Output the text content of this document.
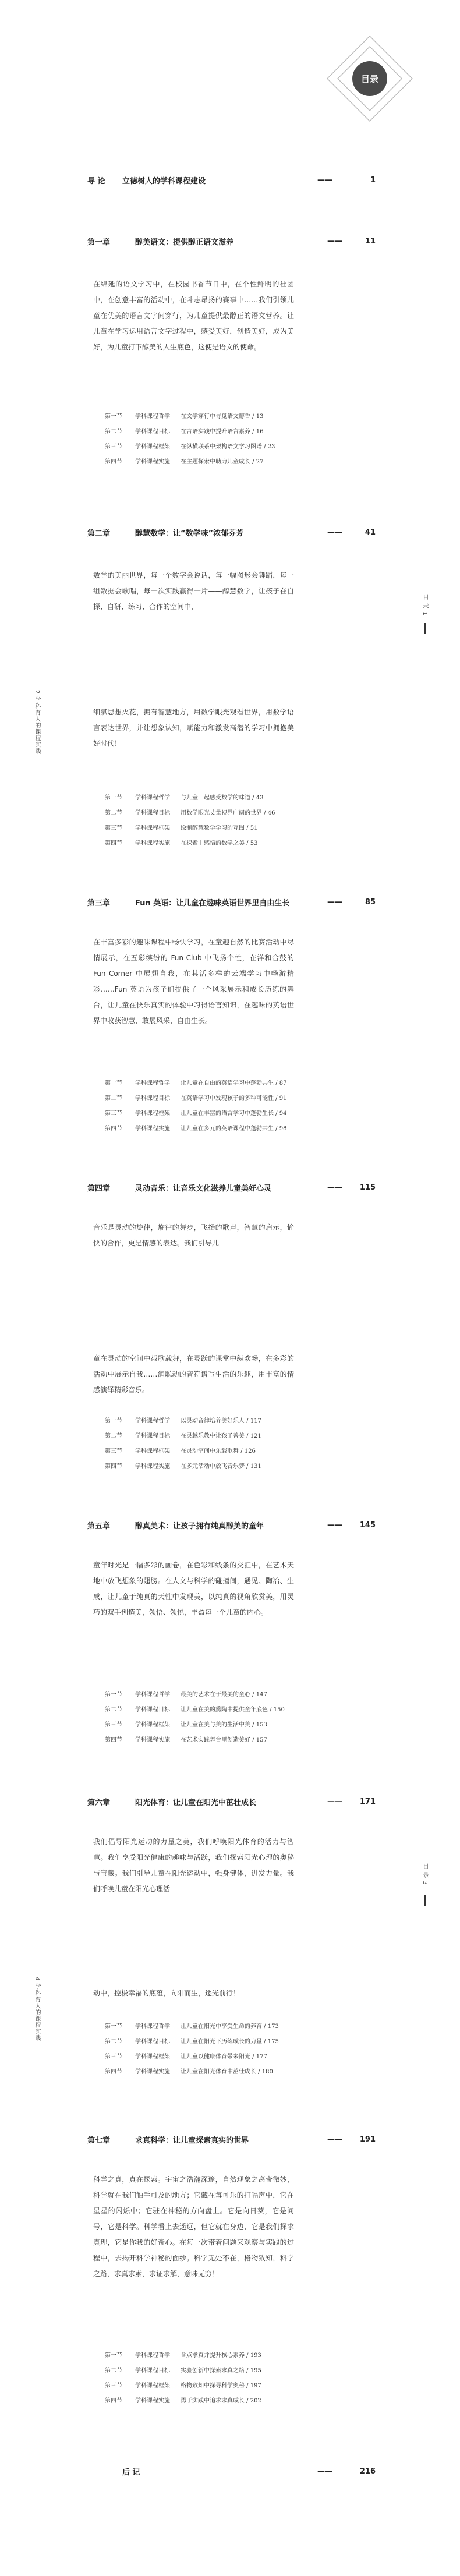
目录
导 论	立德树人的学科课程建设	——	1
第一章	醇美语文：提供醇正语文滋养	——	11
在绵延的语文学习中，在校园书香节日中，在个性鲜明的社团中，在创意丰富的活动中，在斗志昂扬的赛事中……我们引领儿童在优美的语言文字间穿行，为儿童提供最醇正的语文营养。让儿童在学习运用语言文字过程中，感受美好，创造美好，成为美好，为儿童打下醇美的人生底色，这便是语文的使命。
第一节	学科课程哲学	在文学穿行中寻觅语文醇香 / 13
第二节	学科课程目标	在言语实践中提升语言素养 / 16
第三节	学科课程框架	在纵横联系中架构语文学习图谱 / 23
第四节	学科课程实施	在主题探索中助力儿童成长 / 27
第二章	醇慧数学：让“数学味”浓郁芬芳	——	41
数学的美丽世界，每一个数字会说话，每一幅图形会舞蹈，每一组数据会歌唱，每一次实践赢得一片——醇慧数学，让孩子在自探、自研、练习、合作的空间中，	目 录 1
2 学科育人的课程实践	细腻思想火花，拥有智慧地方，用数学眼光观看世界，用数学语言表达世界，并让想象认知，赋能力和激发高潜的学习中拥抱美好时代！
第一节	学科课程哲学	与儿童一起感受数学的味道 / 43
第二节	学科课程目标	用数学眼光丈量视界广阔的世界 / 46
第三节	学科课程框架	绘制醇慧数学学习的互图 / 51
第四节	学科课程实施	在探索中感悟的数学之美 / 53
第三章	Fun 英语：让儿童在趣味英语世界里自由生长	——	85
在丰富多彩的趣味课程中畅快学习，在童趣自然的比赛活动中尽情展示，在五彩缤纷的 Fun Club 中飞扬个性，在洋和合鼓的 Fun Corner 中展翅自我，在其活多样的云端学习中畅游精彩……Fun 英语为孩子们提供了一个风采展示和成长历练的舞台，让儿童在快乐真实的体验中习得语言知识，在趣味的英语世界中收获智慧，敢展风采，自由生长。
第一节	学科课程哲学	让儿童在自由的英语学习中蓬勃共生 / 87
第二节	学科课程目标	在英语学习中发现孩子的多种可能性 / 91
第三节	学科课程框架	让儿童在丰富的语言学习中蓬勃生长 / 94
第四节	学科课程实施	让儿童在多元的英语课程中蓬勃共生 / 98
第四章	灵动音乐：让音乐文化滋养儿童美好心灵	——	115
音乐是灵动的旋律，旋律的舞步，飞扬的歌声，智慧的启示，愉快的合作，更是情感的表达。我们引导儿
童在灵动的空间中载歌载舞，在灵跃的课堂中纵欢畅，在多彩的活动中展示自我……润聪动的音符谱写生活的乐趣，用丰富的情感演绎精彩音乐。
第一节	学科课程哲学	以灵动音律培养美好乐人 / 117
第二节	学科课程目标	在灵越乐教中让孩子善美 / 121
第三节	学科课程框架	在灵动空间中乐载歌舞 / 126
第四节	学科课程实施	在多元活动中放飞音乐梦 / 131
第五章	醇真美术：让孩子拥有纯真醇美的童年	——	145
童年时光是一幅多彩的画卷，在色彩和线条的交汇中，在艺术天地中放飞想象的翅膀。在人文与科学的碰撞间，遇见、陶冶、生成，让儿童于纯真的天性中发现美，以纯真的视角欣赏美，用灵巧的双手创造美，领悟、领悦，丰盈每一个儿童的内心。
第一节	学科课程哲学	最美的艺术在于最美的童心 / 147
第二节	学科课程目标	让儿童在美的熏陶中提供童年底色 / 150
第三节	学科课程框架	让儿童在美与美的生活中美 / 153
第四节	学科课程实施	在艺术实践舞台里创造美好 / 157
第六章	阳光体育：让儿童在阳光中茁壮成长	——	171
我们倡导阳光运动的力量之美，我们呼唤阳光体育的活力与智慧。我们享受阳光健康的趣味与活跃，我们探索阳光心理的奥秘与宝藏。我们引导儿童在阳光运动中，强身健体，进发力量。我们呼唤儿童在阳光心理活
目 录 3
4 学科育人的课程实践	动中，控极幸福的底蕴，向阳而生，逐光前行！
第一节	学科课程哲学	让儿童在阳光中享受生命的养育 / 173
第二节	学科课程目标	让儿童在阳光下历练成长的力量 / 175
第三节	学科课程框架	让儿童以健康体育带来阳光 / 177
第四节	学科课程实施	让儿童在阳光体育中茁壮成长 / 180
第七章	求真科学：让儿童探索真实的世界	——	191
科学之真，真在探索。宇宙之浩瀚深邃，自然现象之离奇微妙，科学就在我们触手可及的地方；它藏在每可乐的打嗝声中，它在星星的闪烁中；它驻在神秘的方向盘上。它是向日葵，它是问号，它是科学。科学看上去遥远，但它就在身边，它是我们探求真理，它是你我的好奇心。在每一次带着问题来观察与实践的过程中，去揭开科学神秘的面纱。科学无处不在，格物致知，科学之路，求真求索，求证求解，意味无穷！
第一节	学科课程哲学	含点求真并提升核心素养 / 193
第二节	学科课程目标	实验创新中探索求真之路 / 195
第三节	学科课程框架	格物致知中探寻科学奥秘 / 197
第四节	学科课程实施	勇于实践中追求求真成长 / 202
后 记	——	216
